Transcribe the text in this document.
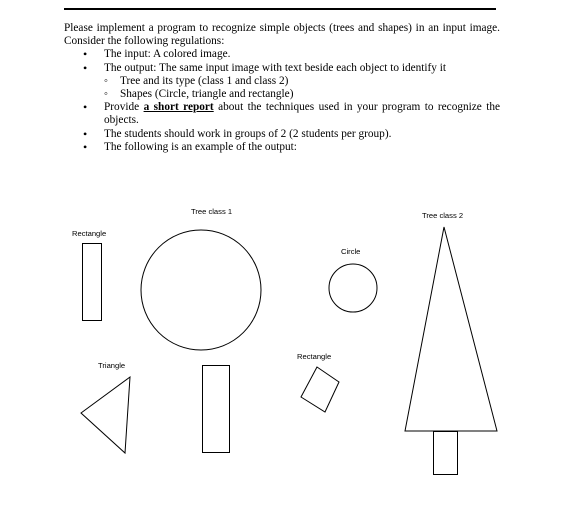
Please implement a program to recognize simple objects (trees and shapes) in an input image. Consider the following regulations:
• The input: A colored image.
• The output: The same input image with text beside each object to identify it
◦ Tree and its type (class 1 and class 2)
◦ Shapes (Circle, triangle and rectangle)
• Provide a short report about the techniques used in your program to recognize the objects.
• The students should work in groups of 2 (2 students per group).
• The following is an example of the output:
Rectangle
Tree class 1	Tree class 2
Circle
Rectangle
Triangle
